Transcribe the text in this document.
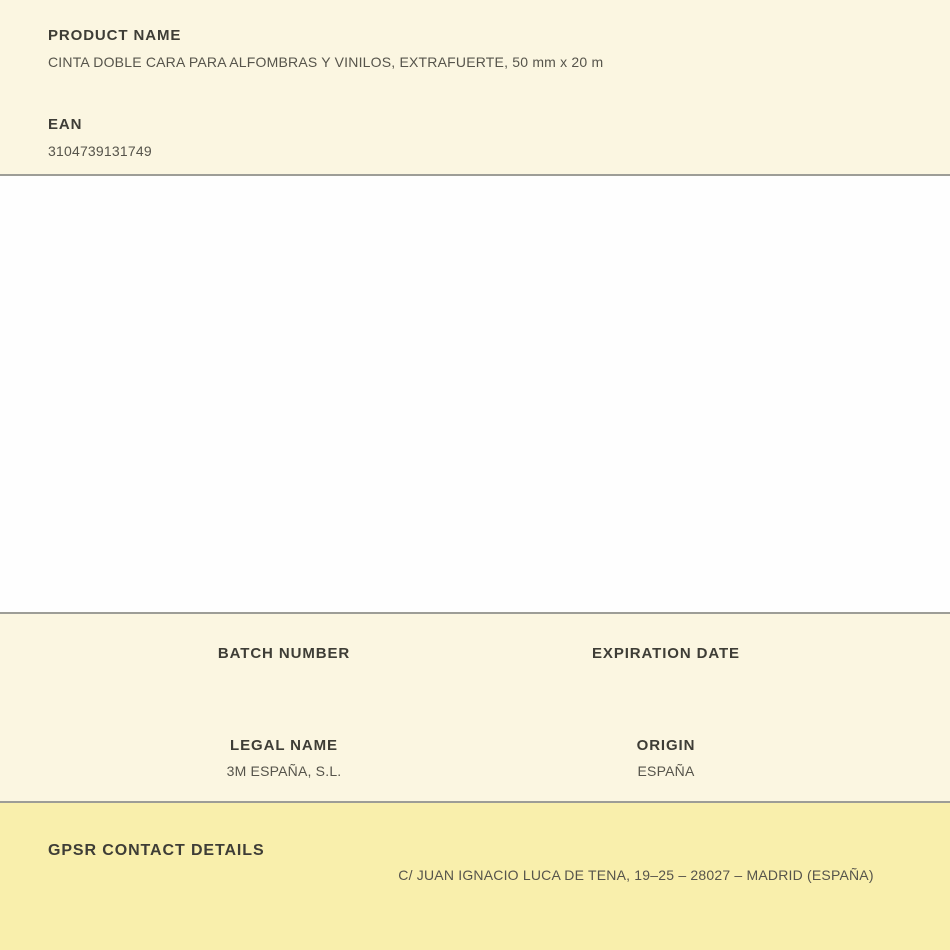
PRODUCT NAME
CINTA DOBLE CARA PARA ALFOMBRAS Y VINILOS, EXTRAFUERTE, 50 mm x 20 m
EAN
3104739131749
BATCH NUMBER	EXPIRATION DATE
LEGAL NAME
3M ESPAÑA, S.L.
ORIGIN
ESPAÑA
GPSR CONTACT DETAILS
C/ JUAN IGNACIO LUCA DE TENA, 19–25 – 28027 – MADRID (ESPAÑA)
